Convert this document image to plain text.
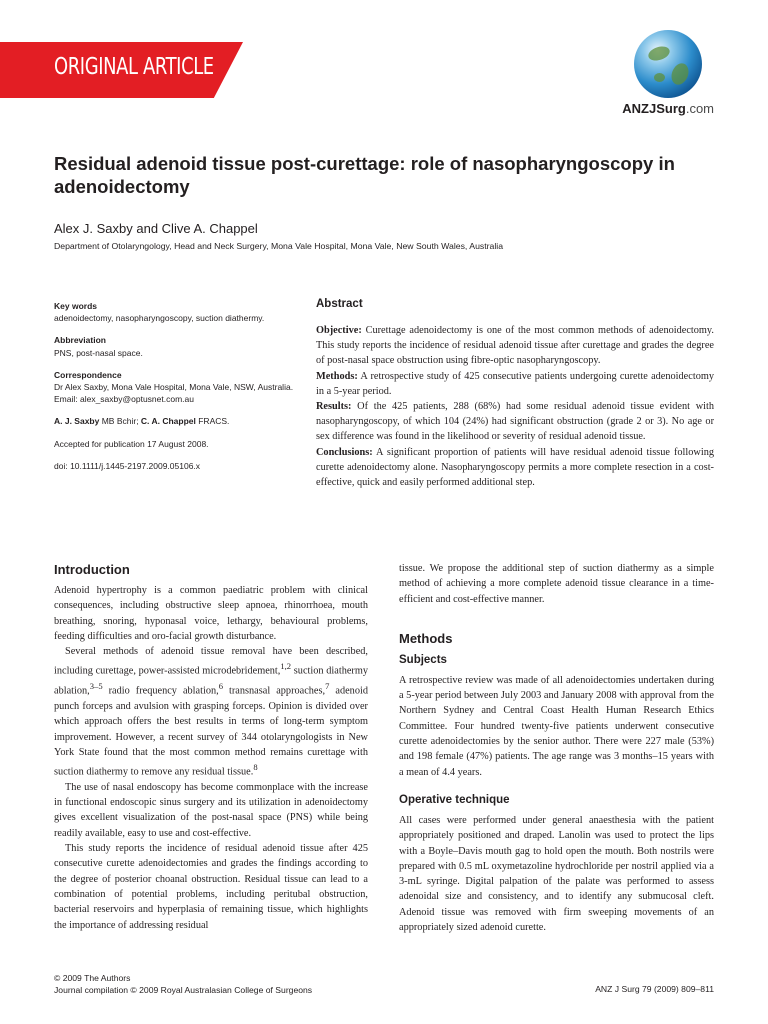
ORIGINAL ARTICLE
ANZJSurg.com
Residual adenoid tissue post-curettage: role of nasopharyngoscopy in adenoidectomy
Alex J. Saxby and Clive A. Chappel
Department of Otolaryngology, Head and Neck Surgery, Mona Vale Hospital, Mona Vale, New South Wales, Australia
Key words
adenoidectomy, nasopharyngoscopy, suction diathermy.
Abbreviation
PNS, post-nasal space.
Correspondence
Dr Alex Saxby, Mona Vale Hospital, Mona Vale, NSW, Australia. Email: alex_saxby@optusnet.com.au
A. J. Saxby MB Bchir; C. A. Chappel FRACS.
Accepted for publication 17 August 2008.
doi: 10.1111/j.1445-2197.2009.05106.x
Abstract

Objective: Curettage adenoidectomy is one of the most common methods of adenoidectomy. This study reports the incidence of residual adenoid tissue after curettage and grades the degree of post-nasal space obstruction using fibre-optic nasopharyngoscopy.

Methods: A retrospective study of 425 consecutive patients undergoing curette adenoidectomy in a 5-year period.

Results: Of the 425 patients, 288 (68%) had some residual adenoid tissue evident with nasopharyngoscopy, of which 104 (24%) had significant obstruction (grade 2 or 3). No age or sex difference was found in the likelihood or severity of residual adenoid tissue.

Conclusions: A significant proportion of patients will have residual adenoid tissue following curette adenoidectomy alone. Nasopharyngoscopy permits a more complete resection in a cost-effective, quick and easily performed additional step.

Introduction

Adenoid hypertrophy is a common paediatric problem with clinical consequences, including obstructive sleep apnoea, rhinorrhoea, mouth breathing, snoring, hyponasal voice, lethargy, behavioural problems, feeding difficulties and oro-facial growth disturbance.

Several methods of adenoid tissue removal have been described, including curettage, power-assisted microdebridement,$^{1,2}$ suction diathermy ablation,$^{3-5}$ radio frequency ablation,$^6$ transnasal approaches,$^7$ adenoid punch forceps and avulsion with grasping forceps. Opinion is divided over which approach offers the best results in terms of long-term symptom improvement. However, a recent survey of 344 otolaryngologists in New York State found that the most common method remains curettage with suction diathermy to remove any residual tissue.$^8$

The use of nasal endoscopy has become commonplace with the increase in functional endoscopic sinus surgery and its utilization in adenoidectomy gives excellent visualization of the post-nasal space (PNS) while being readily available, easy to use and cost-effective.

This study reports the incidence of residual adenoid tissue after 425 consecutive curette adenoidectomies and grades the findings according to the degree of posterior choanal obstruction. Residual tissue can lead to a combination of potential problems, including peritubal obstruction, bacterial reservoirs and hyperplasia of remaining tissue, which highlights the importance of addressing residual

tissue. We propose the additional step of suction diathermy as a simple method of achieving a more complete adenoid tissue clearance in a time-efficient and cost-effective manner.
Methods
Subjects
A retrospective review was made of all adenoidectomies undertaken during a 5-year period between July 2003 and January 2008 with approval from the Northern Sydney and Central Coast Health Human Research Ethics Committee. Four hundred twenty-five patients underwent consecutive curette adenoidectomies by the senior author. There were 227 male (53%) and 198 female (47%) patients. The age range was 3 months–15 years with a mean of 4.4 years.
Operative technique
All cases were performed under general anaesthesia with the patient appropriately positioned and draped. Lanolin was used to protect the lips with a Boyle–Davis mouth gag to hold open the mouth. Both nostrils were prepared with 0.5 mL oxymetazoline hydrochloride per nostril applied via a 3-mL syringe. Digital palpation of the palate was performed to assess adenoidal size and consistency, and to identify any submucosal cleft. Adenoid tissue was removed with firm sweeping movements of an appropriately sized adenoid curette.
© 2009 The Authors
Journal compilation © 2009 Royal Australasian College of Surgeons	ANZ J Surg 79 (2009) 809–811
